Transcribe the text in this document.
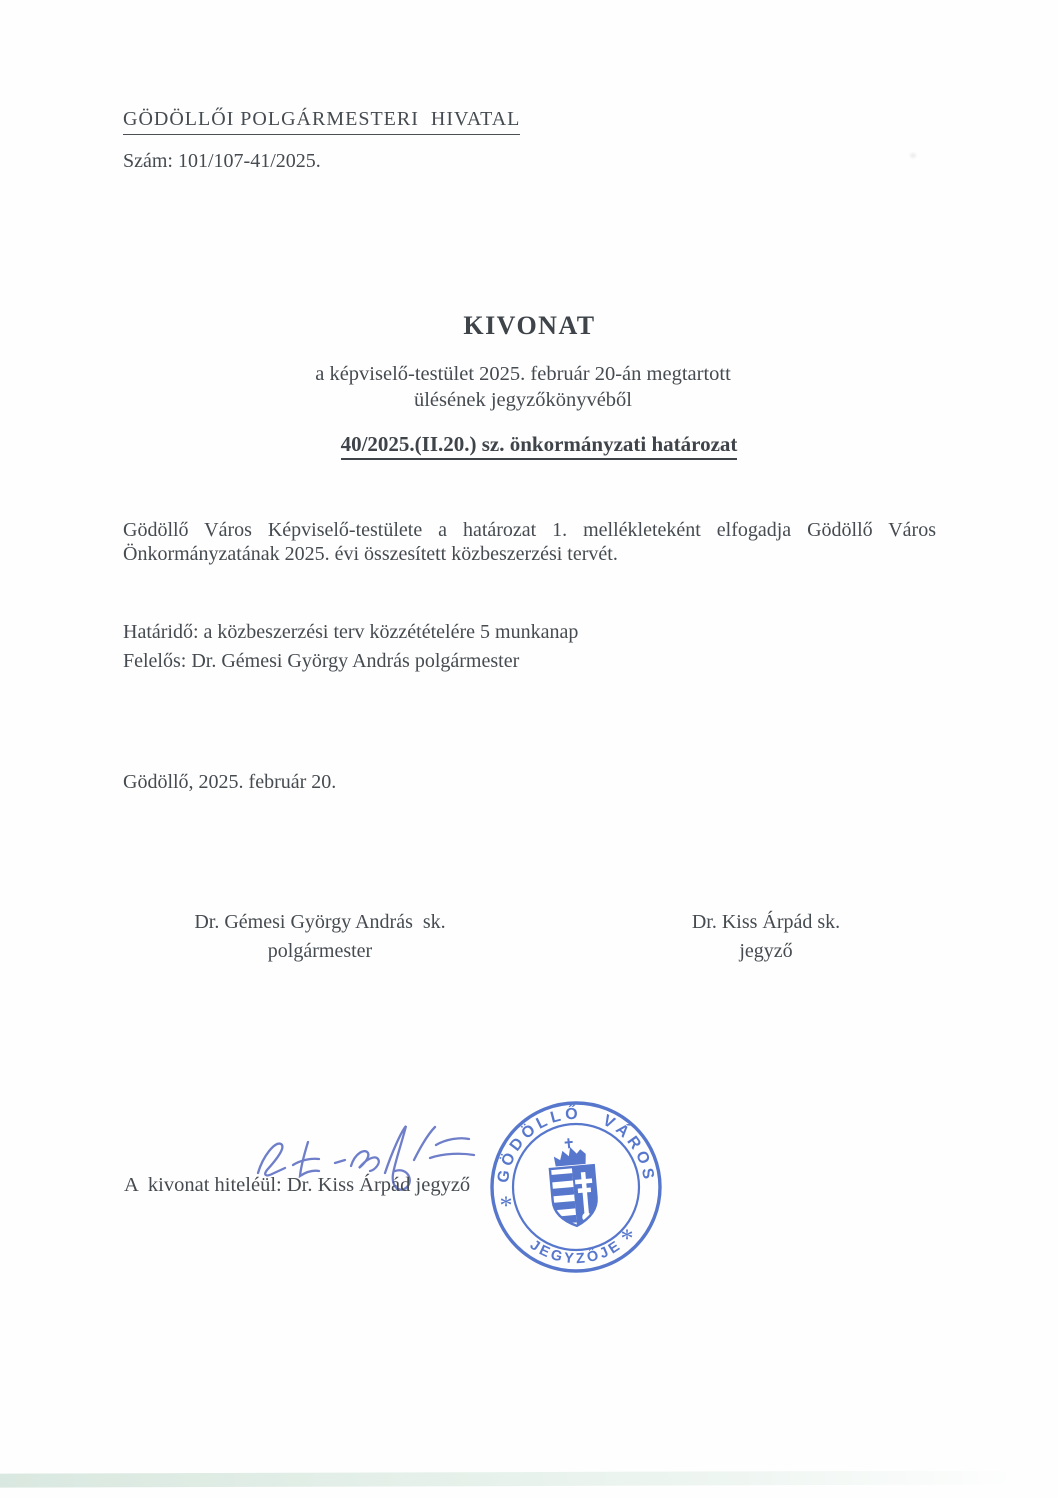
GÖDÖLLŐI POLGÁRMESTERI  HIVATAL
Szám: 101/107-41/2025.
KIVONAT
a képviselő-testület 2025. február 20-án megtartott
ülésének jegyzőkönyvéből
40/2025.(II.20.) sz. önkormányzati határozat
Gödöllő Város Képviselő-testülete a határozat 1. mellékleteként elfogadja Gödöllő Város
Önkormányzatának 2025. évi összesített közbeszerzési tervét.
Határidő: a közbeszerzési terv közzétételére 5 munkanap
Felelős: Dr. Gémesi György András polgármester
Gödöllő, 2025. február 20.
Dr. Gémesi György András  sk.
polgármester
Dr. Kiss Árpád sk.
jegyző
A  kivonat hiteléül: Dr. Kiss Árpád jegyző GÖDÖLLŐ VÁROS
JEGYZŐJE
*
*
